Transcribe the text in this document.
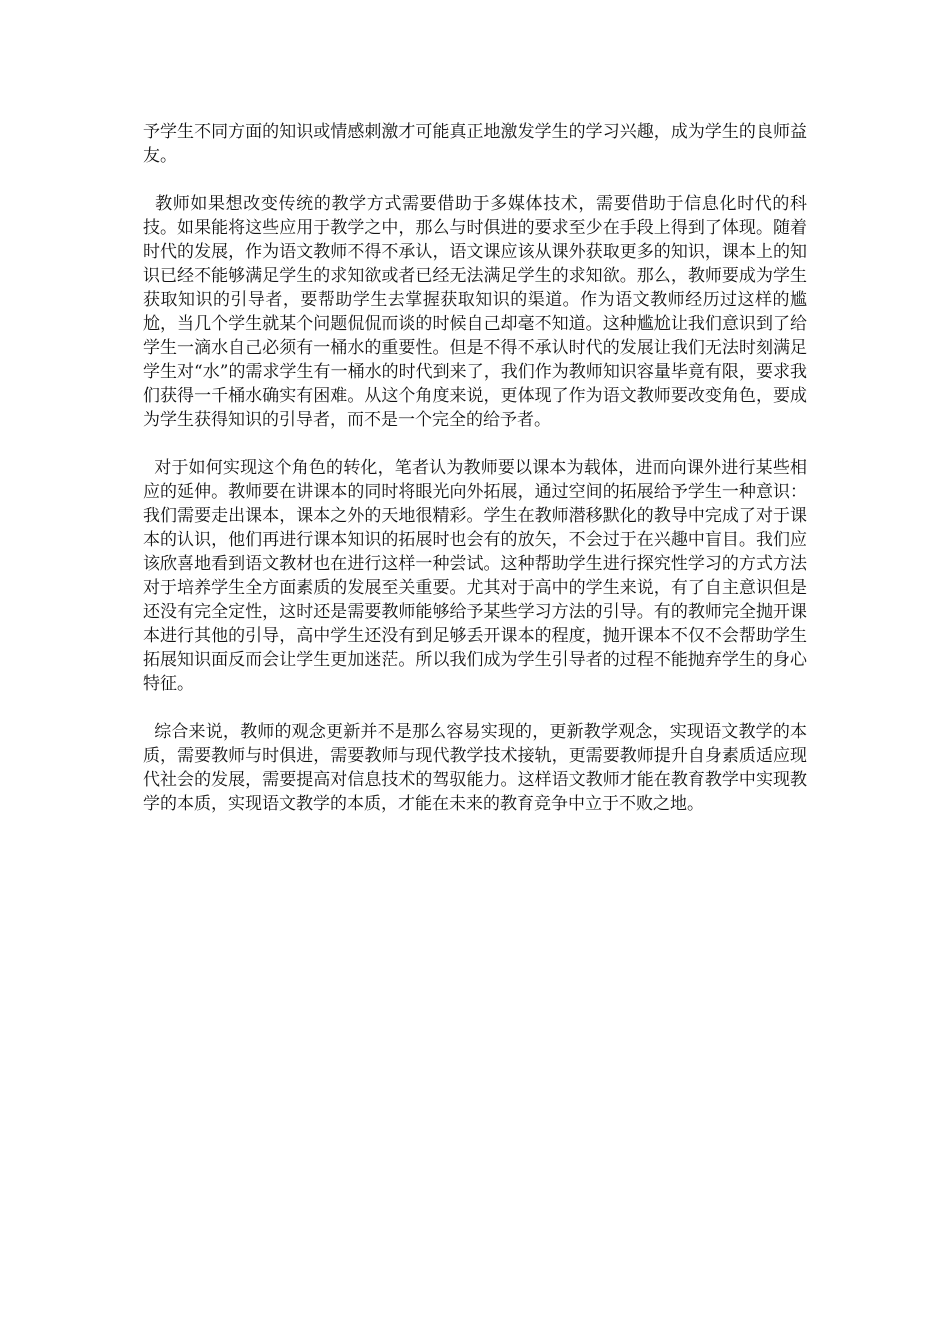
予学生不同方面的知识或情感刺激才可能真正地激发学生的学习兴趣，成为学生的良师益友。

教师如果想改变传统的教学方式需要借助于多媒体技术，需要借助于信息化时代的科技。如果能将这些应用于教学之中，那么与时俱进的要求至少在手段上得到了体现。随着时代的发展，作为语文教师不得不承认，语文课应该从课外获取更多的知识，课本上的知识已经不能够满足学生的求知欲或者已经无法满足学生的求知欲。那么，教师要成为学生获取知识的引导者，要帮助学生去掌握获取知识的渠道。作为语文教师经历过这样的尴尬，当几个学生就某个问题侃侃而谈的时候自己却毫不知道。这种尴尬让我们意识到了给学生一滴水自己必须有一桶水的重要性。但是不得不承认时代的发展让我们无法时刻满足学生对“水”的需求学生有一桶水的时代到来了，我们作为教师知识容量毕竟有限，要求我们获得一千桶水确实有困难。从这个角度来说，更体现了作为语文教师要改变角色，要成为学生获得知识的引导者，而不是一个完全的给予者。

对于如何实现这个角色的转化，笔者认为教师要以课本为载体，进而向课外进行某些相应的延伸。教师要在讲课本的同时将眼光向外拓展，通过空间的拓展给予学生一种意识：我们需要走出课本，课本之外的天地很精彩。学生在教师潜移默化的教导中完成了对于课本的认识，他们再进行课本知识的拓展时也会有的放矢，不会过于在兴趣中盲目。我们应该欣喜地看到语文教材也在进行这样一种尝试。这种帮助学生进行探究性学习的方式方法对于培养学生全方面素质的发展至关重要。尤其对于高中的学生来说，有了自主意识但是还没有完全定性，这时还是需要教师能够给予某些学习方法的引导。有的教师完全抛开课本进行其他的引导，高中学生还没有到足够丢开课本的程度，抛开课本不仅不会帮助学生拓展知识面反而会让学生更加迷茫。所以我们成为学生引导者的过程不能抛弃学生的身心特征。

综合来说，教师的观念更新并不是那么容易实现的，更新教学观念，实现语文教学的本质，需要教师与时俱进，需要教师与现代教学技术接轨，更需要教师提升自身素质适应现代社会的发展，需要提高对信息技术的驾驭能力。这样语文教师才能在教育教学中实现教学的本质，实现语文教学的本质，才能在未来的教育竞争中立于不败之地。
